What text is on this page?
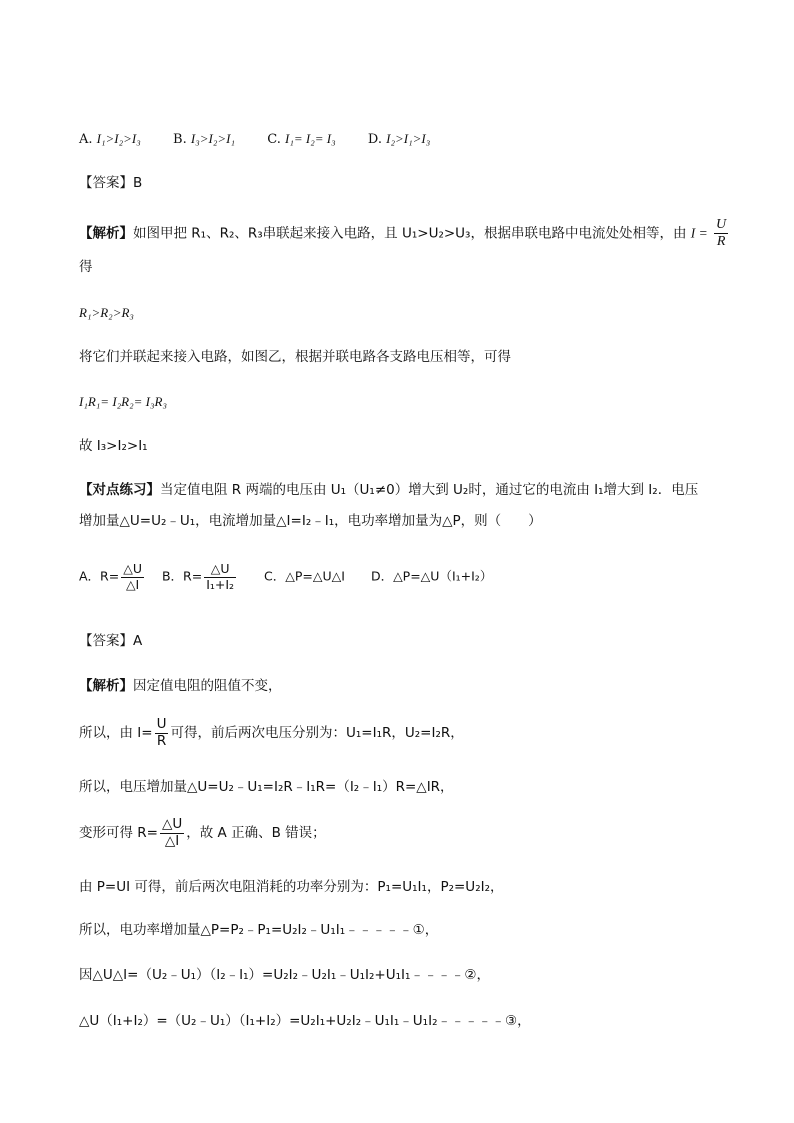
A. I₁>I₂>I₃ B. I₃>I₂>I₁ C. I₁= I₂= I₃ D. I₂>I₁>I₃
【答案】B
【解析】如图甲把 R₁、R₂、R₃串联起来接入电路，且 U₁>U₂>U₃，根据串联电路中电流处处相等，由 $I = \frac{U}{R}$
得
R₁>R₂>R₃
将它们并联起来接入电路，如图乙，根据并联电路各支路电压相等，可得
I₁R₁= I₂R₂= I₃R₃
故 I₃>I₂>I₁
【对点练习】当定值电阻 R 两端的电压由 U₁（U₁≠0）增大到 U₂时，通过它的电流由 I₁增大到 I₂．电压
增加量△U=U₂﹣U₁，电流增加量△I=I₂﹣I₁，电功率增加量为△P，则（　　）
A．$R= \frac{\triangle U}{\triangle I}$ B．$R= \frac{\triangle U}{\text{I₁+I₂}}$ C．△P=△U△I D．△P=△U（I₁+I₂）
【答案】A
【解析】因定值电阻的阻值不变，
所以，由 $I= \frac{U}{R}$ 可得，前后两次电压分别为：U₁=I₁R，U₂=I₂R，
所以，电压增加量△U=U₂﹣U₁=I₂R﹣I₁R=（I₂﹣I₁）R=△IR，
变形可得 $R= \frac{\triangle U}{\triangle I}$ ，故 A 正确、B 错误；
由 P=UI 可得，前后两次电阻消耗的功率分别为：P₁=U₁I₁，P₂=U₂I₂，
所以，电功率增加量△P=P₂﹣P₁=U₂I₂﹣U₁I₁﹣﹣﹣﹣﹣①，
因△U△I=（U₂﹣U₁）（I₂﹣I₁）=U₂I₂﹣U₂I₁﹣U₁I₂+U₁I₁﹣﹣﹣﹣②，
△U（I₁+I₂）=（U₂﹣U₁）（I₁+I₂）=U₂I₁+U₂I₂﹣U₁I₁﹣U₁I₂﹣﹣﹣﹣﹣③，
